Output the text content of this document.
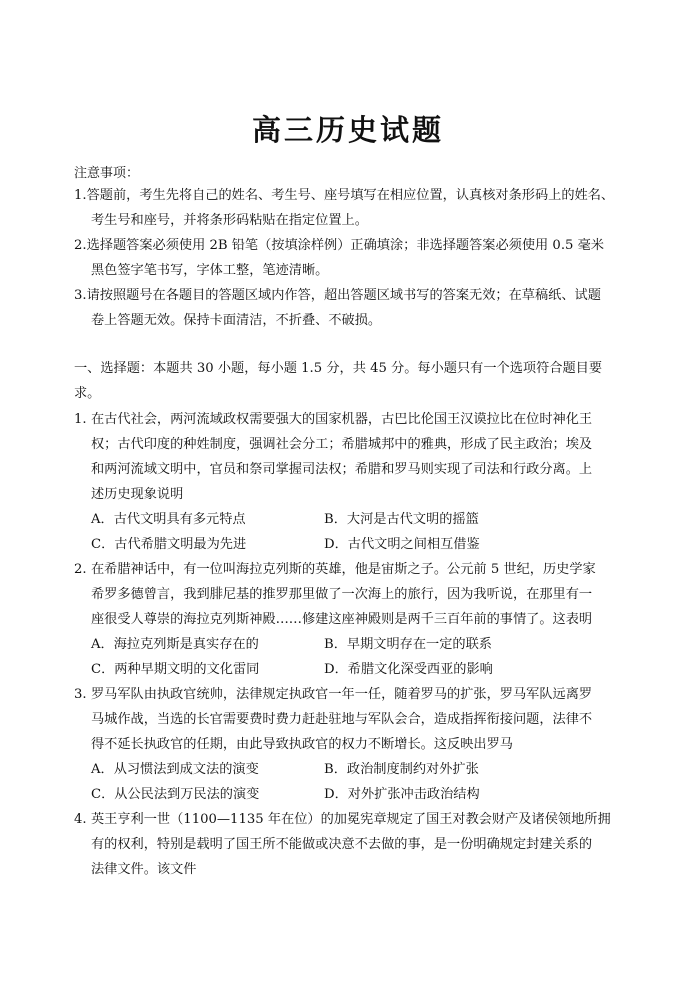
高三历史试题
注意事项：
1.答题前，考生先将自己的姓名、考生号、座号填写在相应位置，认真核对条形码上的姓名、
考生号和座号，并将条形码粘贴在指定位置上。
2.选择题答案必须使用 2B 铅笔（按填涂样例）正确填涂；非选择题答案必须使用 0.5 毫米
黑色签字笔书写，字体工整，笔迹清晰。
3.请按照题号在各题目的答题区域内作答，超出答题区域书写的答案无效；在草稿纸、试题
卷上答题无效。保持卡面清洁，不折叠、不破损。
一、选择题：本题共 30 小题，每小题 1.5 分，共 45 分。每小题只有一个选项符合题目要
求。
1. 在古代社会，两河流域政权需要强大的国家机器，古巴比伦国王汉谟拉比在位时神化王
权；古代印度的种姓制度，强调社会分工；希腊城邦中的雅典，形成了民主政治；埃及
和两河流域文明中，官员和祭司掌握司法权；希腊和罗马则实现了司法和行政分离。上
述历史现象说明
A．古代文明具有多元特点	B．大河是古代文明的摇篮
C．古代希腊文明最为先进	D．古代文明之间相互借鉴
2. 在希腊神话中，有一位叫海拉克列斯的英雄，他是宙斯之子。公元前 5 世纪，历史学家
希罗多德曾言，我到腓尼基的推罗那里做了一次海上的旅行，因为我听说，在那里有一
座很受人尊崇的海拉克列斯神殿……修建这座神殿则是两千三百年前的事情了。这表明
A．海拉克列斯是真实存在的	B．早期文明存在一定的联系
C．两种早期文明的文化雷同	D．希腊文化深受西亚的影响
3. 罗马军队由执政官统帅，法律规定执政官一年一任，随着罗马的扩张，罗马军队远离罗
马城作战，当选的长官需要费时费力赶赴驻地与军队会合，造成指挥衔接问题，法律不
得不延长执政官的任期，由此导致执政官的权力不断增长。这反映出罗马
A．从习惯法到成文法的演变	B．政治制度制约对外扩张
C．从公民法到万民法的演变	D．对外扩张冲击政治结构
4. 英王亨利一世（1100—1135 年在位）的加冕宪章规定了国王对教会财产及诸侯领地所拥
有的权利，特别是载明了国王所不能做或决意不去做的事，是一份明确规定封建关系的
法律文件。该文件
